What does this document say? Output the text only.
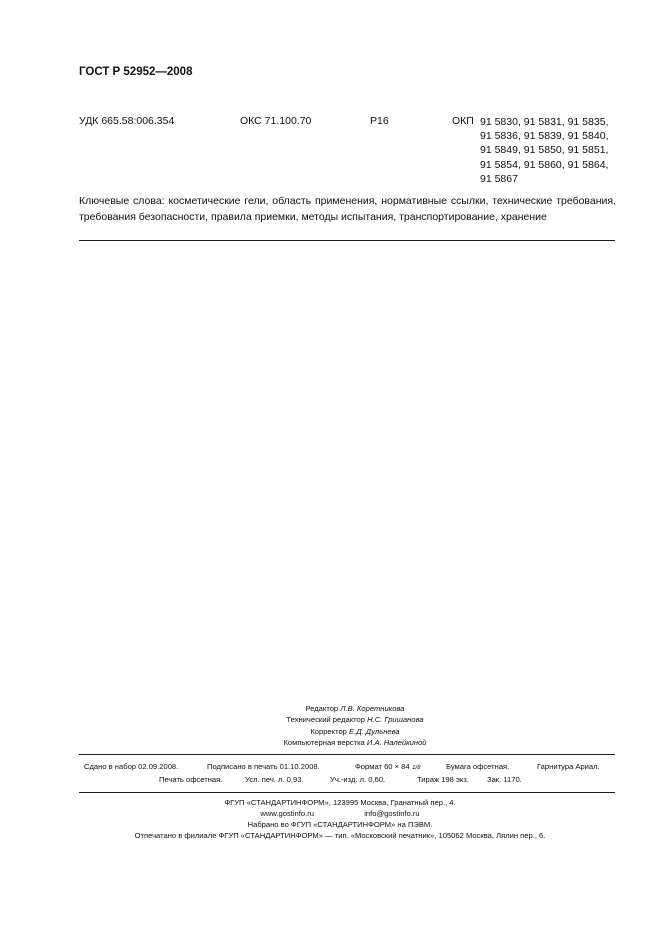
ГОСТ Р 52952—2008
УДК 665.58:006.354	ОКС 71.100.70	Р16	ОКП 91 5830, 91 5831, 91 5835,
91 5836, 91 5839, 91 5840,
91 5849, 91 5850, 91 5851,
91 5854, 91 5860, 91 5864,
91 5867
Ключевые слова: косметические гели, область применения, нормативные ссылки, технические требования, требования безопасности, правила приемки, методы испытания, транспортирование, хранение
Редактор Л.В. Коретникова
Технический редактор Н.С. Гришанова
Корректор Е.Д. Дульнева
Компьютерная верстка И.А. Налейкиной
Сдано в набор 02.09.2008.	Подписано в печать 01.10.2008.	Формат 60 × 84 1/8	Бумага офсетная.	Гарнитура Ариал.
Печать офсетная.	Усл. печ. л. 0,93.	Уч.-изд. л. 0,60.	Тираж 198 экз. Зак. 1170.
ФГУП «СТАНДАРТИНФОРМ», 123995 Москва, Гранатный пер., 4.
www.gostinfo.ru	info@gostinfo.ru
Набрано во ФГУП «СТАНДАРТИНФОРМ» на ПЭВМ.
Отпечатано в филиале ФГУП «СТАНДАРТИНФОРМ» — тип. «Московский печатник», 105062 Москва, Лялин пер., 6.
